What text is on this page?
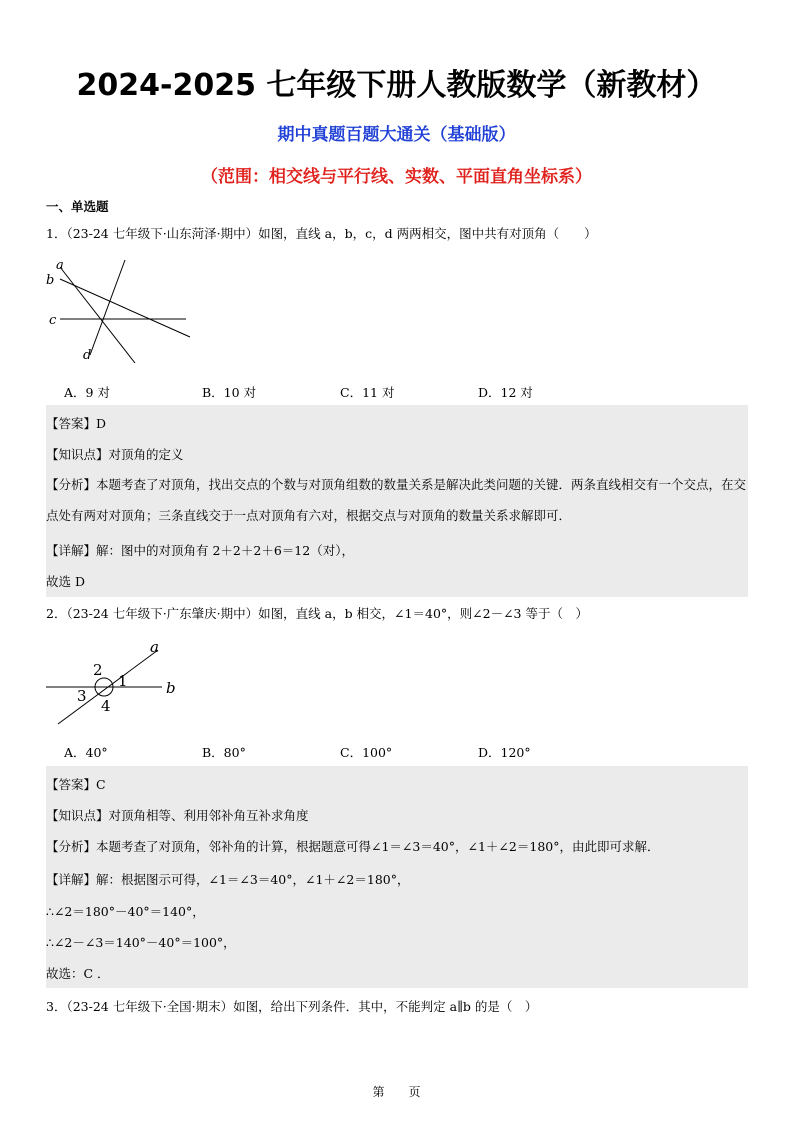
2024-2025 七年级下册人教版数学（新教材）
期中真题百题大通关（基础版）
（范围：相交线与平行线、实数、平面直角坐标系）
一、单选题
1．（23-24 七年级下·山东菏泽·期中）如图，直线 a，b，c，d 两两相交，图中共有对顶角（　　）
a
b
c
d
A．9 对	B．10 对	C．11 对	D．12 对
【答案】D
【知识点】对顶角的定义
【分析】本题考查了对顶角，找出交点的个数与对顶角组数的数量关系是解决此类问题的关键．两条直线相交有一个交点，在交点处有两对对顶角；三条直线交于一点对顶角有六对，根据交点与对顶角的数量关系求解即可．
【详解】解：图中的对顶角有 2＋2＋2＋6＝12（对），
故选 D
2．（23-24 七年级下·广东肇庆·期中）如图，直线 a，b 相交，∠1＝40°，则∠2－∠3 等于（　）
a
b
1
2
3
4
A．40°	B．80°	C．100°	D．120°
【答案】C
【知识点】对顶角相等、利用邻补角互补求角度
【分析】本题考查了对顶角，邻补角的计算，根据题意可得∠1＝∠3＝40°，∠1＋∠2＝180°，由此即可求解．
【详解】解：根据图示可得，∠1＝∠3＝40°，∠1＋∠2＝180°，
∴∠2＝180°－40°＝140°，
∴∠2－∠3＝140°－40°＝100°，
故选：C ．
3．（23-24 七年级下·全国·期末）如图，给出下列条件．其中，不能判定 a∥b 的是（　）
第　　页
